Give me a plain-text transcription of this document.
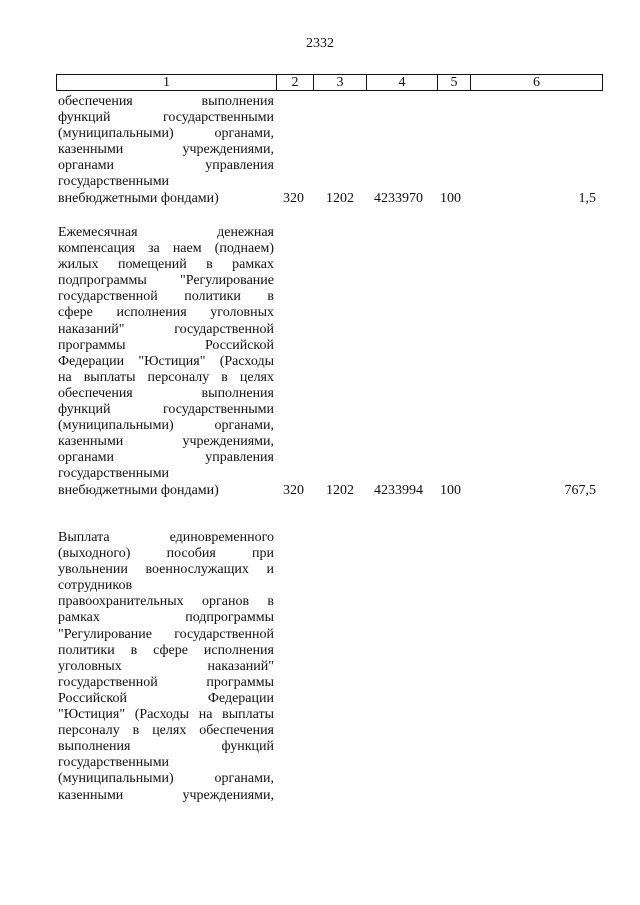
2332
1	2	3	4	5	6
обеспечения выполнения
функций государственными
(муниципальными) органами,
казенными учреждениями,
органами управления
государственными
внебюджетными фондами)	320 1202 4233970 100	1,5
Ежемесячная денежная
компенсация за наем (поднаем)
жилых помещений в рамках
подпрограммы "Регулирование
государственной политики в
сфере исполнения уголовных
наказаний" государственной
программы Российской
Федерации "Юстиция" (Расходы
на выплаты персоналу в целях
обеспечения выполнения
функций государственными
(муниципальными) органами,
казенными учреждениями,
органами управления
государственными
внебюджетными фондами)	320 1202 4233994 100	767,5
Выплата единовременного
(выходного) пособия при
увольнении военнослужащих и
сотрудников
правоохранительных органов в
рамках подпрограммы
"Регулирование государственной
политики в сфере исполнения
уголовных наказаний"
государственной программы
Российской Федерации
"Юстиция" (Расходы на выплаты
персоналу в целях обеспечения
выполнения функций
государственными
(муниципальными) органами,
казенными учреждениями,
